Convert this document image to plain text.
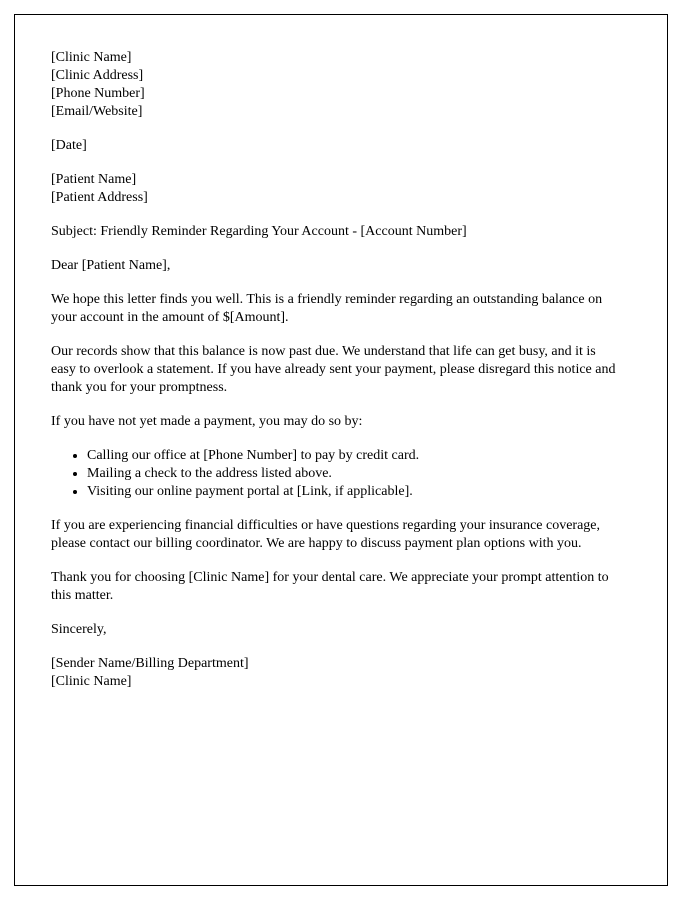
[Clinic Name]
[Clinic Address]
[Phone Number]
[Email/Website]
[Date]
[Patient Name]
[Patient Address]

Subject: Friendly Reminder Regarding Your Account - [Account Number]

Dear [Patient Name],

We hope this letter finds you well. This is a friendly reminder regarding an outstanding balance on your account in the amount of $[Amount].

Our records show that this balance is now past due. We understand that life can get busy, and it is easy to overlook a statement. If you have already sent your payment, please disregard this notice and thank you for your promptness.

If you have not yet made a payment, you may do so by:

• Calling our office at [Phone Number] to pay by credit card.
• Mailing a check to the address listed above.
• Visiting our online payment portal at [Link, if applicable].

If you are experiencing financial difficulties or have questions regarding your insurance coverage, please contact our billing coordinator. We are happy to discuss payment plan options with you.

Thank you for choosing [Clinic Name] for your dental care. We appreciate your prompt attention to this matter.

Sincerely,

[Sender Name/Billing Department]
[Clinic Name]
